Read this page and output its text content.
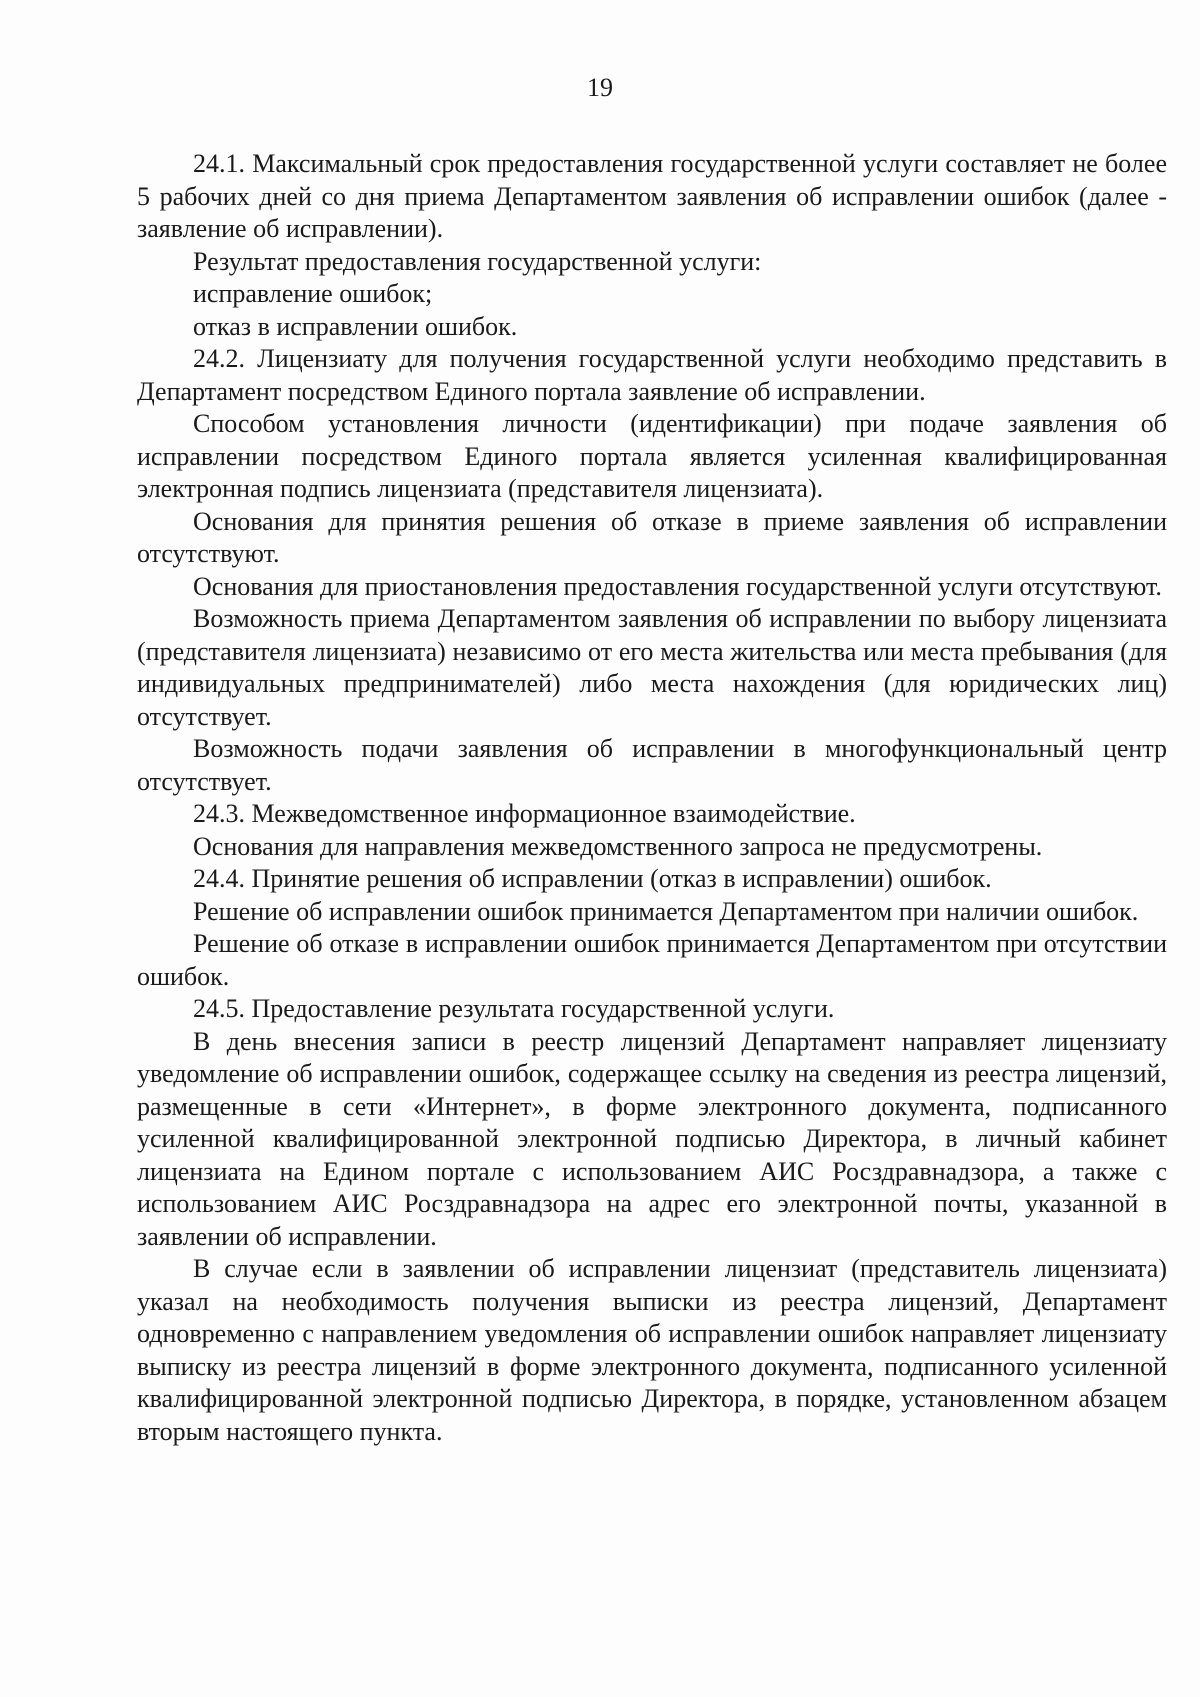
19

24.1. Максимальный срок предоставления государственной услуги составляет не более 5 рабочих дней со дня приема Департаментом заявления об исправлении ошибок (далее - заявление об исправлении).

Результат предоставления государственной услуги:

исправление ошибок;

отказ в исправлении ошибок.

24.2. Лицензиату для получения государственной услуги необходимо представить в Департамент посредством Единого портала заявление об исправлении.

Способом установления личности (идентификации) при подаче заявления об исправлении посредством Единого портала является усиленная квалифицированная электронная подпись лицензиата (представителя лицензиата).

Основания для принятия решения об отказе в приеме заявления об исправлении отсутствуют.

Основания для приостановления предоставления государственной услуги отсутствуют.

Возможность приема Департаментом заявления об исправлении по выбору лицензиата (представителя лицензиата) независимо от его места жительства или места пребывания (для индивидуальных предпринимателей) либо места нахождения (для юридических лиц) отсутствует.

Возможность подачи заявления об исправлении в многофункциональный центр отсутствует.

24.3. Межведомственное информационное взаимодействие.

Основания для направления межведомственного запроса не предусмотрены.

24.4. Принятие решения об исправлении (отказ в исправлении) ошибок.

Решение об исправлении ошибок принимается Департаментом при наличии ошибок.

Решение об отказе в исправлении ошибок принимается Департаментом при отсутствии ошибок.

24.5. Предоставление результата государственной услуги.

В день внесения записи в реестр лицензий Департамент направляет лицензиату уведомление об исправлении ошибок, содержащее ссылку на сведения из реестра лицензий, размещенные в сети «Интернет», в форме электронного документа, подписанного усиленной квалифицированной электронной подписью Директора, в личный кабинет лицензиата на Едином портале с использованием АИС Росздравнадзора, а также с использованием АИС Росздравнадзора на адрес его электронной почты, указанной в заявлении об исправлении.

В случае если в заявлении об исправлении лицензиат (представитель лицензиата) указал на необходимость получения выписки из реестра лицензий, Департамент одновременно с направлением уведомления об исправлении ошибок направляет лицензиату выписку из реестра лицензий в форме электронного документа, подписанного усиленной квалифицированной электронной подписью Директора, в порядке, установленном абзацем вторым настоящего пункта.
